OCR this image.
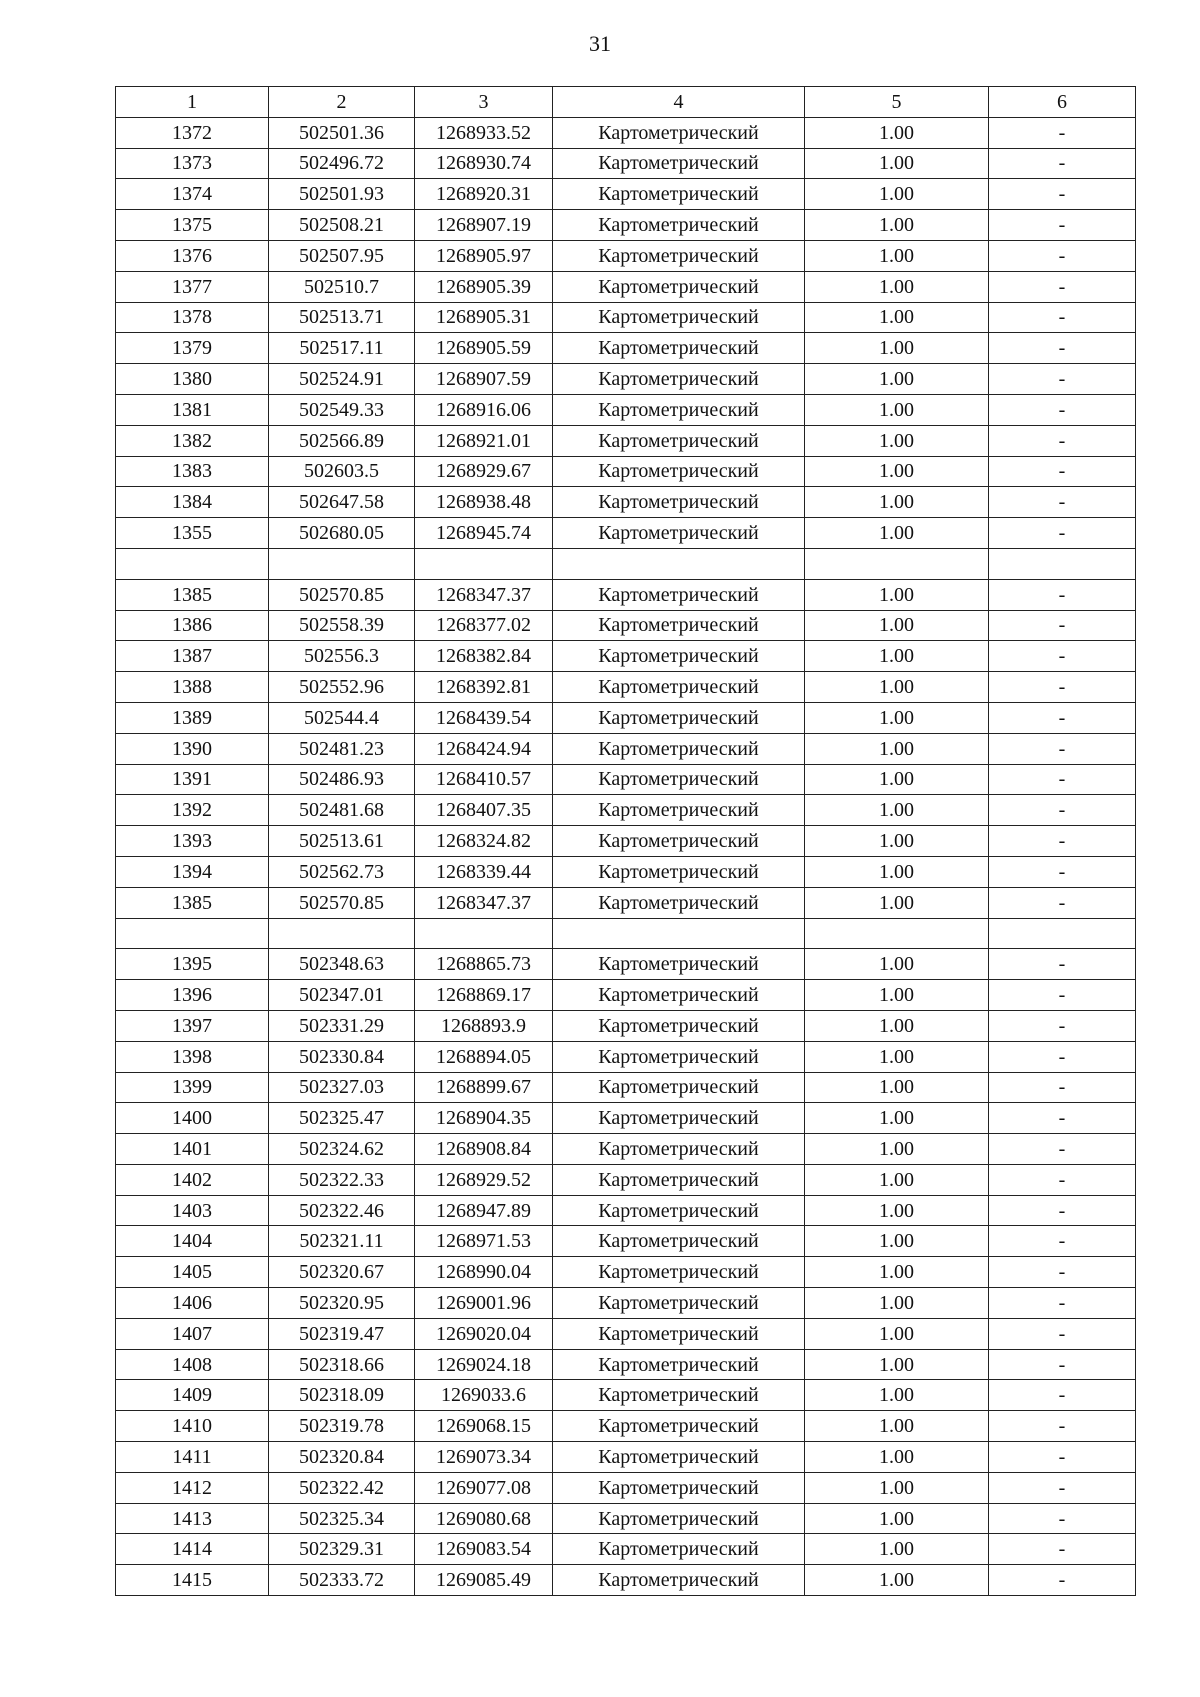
31
1	2	3	4	5	6
1372	502501.36	1268933.52	Картометрический	1.00	-
1373	502496.72	1268930.74	Картометрический	1.00	-
1374	502501.93	1268920.31	Картометрический	1.00	-
1375	502508.21	1268907.19	Картометрический	1.00	-
1376	502507.95	1268905.97	Картометрический	1.00	-
1377	502510.7	1268905.39	Картометрический	1.00	-
1378	502513.71	1268905.31	Картометрический	1.00	-
1379	502517.11	1268905.59	Картометрический	1.00	-
1380	502524.91	1268907.59	Картометрический	1.00	-
1381	502549.33	1268916.06	Картометрический	1.00	-
1382	502566.89	1268921.01	Картометрический	1.00	-
1383	502603.5	1268929.67	Картометрический	1.00	-
1384	502647.58	1268938.48	Картометрический	1.00	-
1355	502680.05	1268945.74	Картометрический	1.00	-

1385	502570.85	1268347.37	Картометрический	1.00	-
1386	502558.39	1268377.02	Картометрический	1.00	-
1387	502556.3	1268382.84	Картометрический	1.00	-
1388	502552.96	1268392.81	Картометрический	1.00	-
1389	502544.4	1268439.54	Картометрический	1.00	-
1390	502481.23	1268424.94	Картометрический	1.00	-
1391	502486.93	1268410.57	Картометрический	1.00	-
1392	502481.68	1268407.35	Картометрический	1.00	-
1393	502513.61	1268324.82	Картометрический	1.00	-
1394	502562.73	1268339.44	Картометрический	1.00	-
1385	502570.85	1268347.37	Картометрический	1.00	-

1395	502348.63	1268865.73	Картометрический	1.00	-
1396	502347.01	1268869.17	Картометрический	1.00	-
1397	502331.29	1268893.9	Картометрический	1.00	-
1398	502330.84	1268894.05	Картометрический	1.00	-
1399	502327.03	1268899.67	Картометрический	1.00	-
1400	502325.47	1268904.35	Картометрический	1.00	-
1401	502324.62	1268908.84	Картометрический	1.00	-
1402	502322.33	1268929.52	Картометрический	1.00	-
1403	502322.46	1268947.89	Картометрический	1.00	-
1404	502321.11	1268971.53	Картометрический	1.00	-
1405	502320.67	1268990.04	Картометрический	1.00	-
1406	502320.95	1269001.96	Картометрический	1.00	-
1407	502319.47	1269020.04	Картометрический	1.00	-
1408	502318.66	1269024.18	Картометрический	1.00	-
1409	502318.09	1269033.6	Картометрический	1.00	-
1410	502319.78	1269068.15	Картометрический	1.00	-
1411	502320.84	1269073.34	Картометрический	1.00	-
1412	502322.42	1269077.08	Картометрический	1.00	-
1413	502325.34	1269080.68	Картометрический	1.00	-
1414	502329.31	1269083.54	Картометрический	1.00	-
1415	502333.72	1269085.49	Картометрический	1.00	-
